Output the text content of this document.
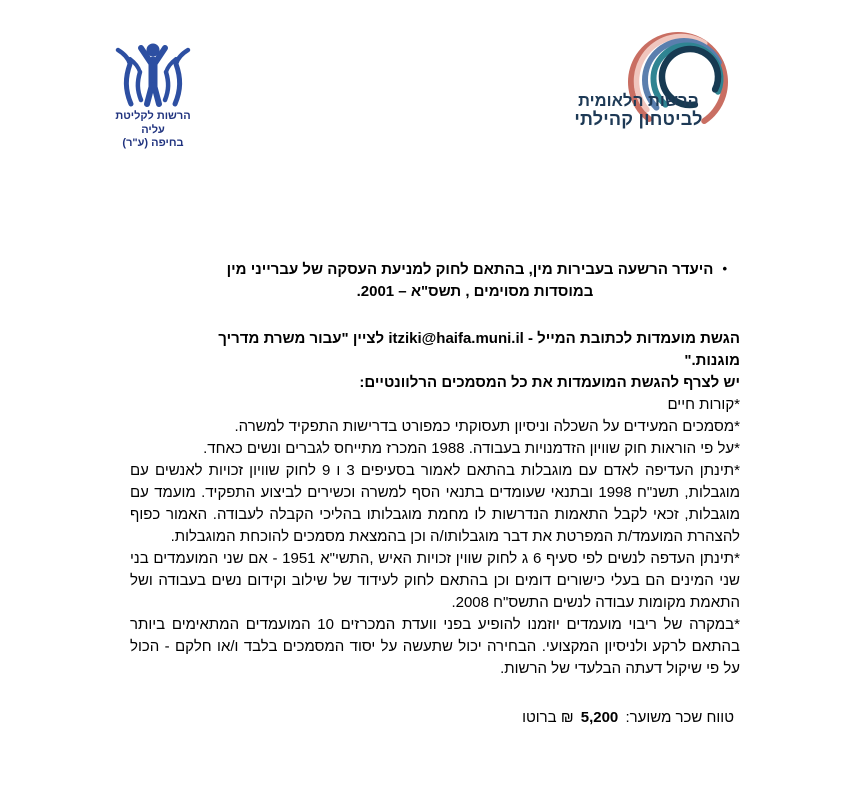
הרשות לקליטת עליה
בחיפה (ע"ר)
הרשות הלאומית
לביטחון קהילתי
•היעדר הרשעה בעבירות מין, בהתאם לחוק למניעת העסקה של עברייני מין
במוסדות מסוימים , תשס"א – 2001.
הגשת מועמדות לכתובת המייל - itziki@haifa.muni.il לציין "עבור משרת מדריך
מוגנות."
יש לצרף להגשת המועמדות את כל המסמכים הרלוונטיים:
*קורות חיים
*מסמכים המעידים על השכלה וניסיון תעסוקתי כמפורט בדרישות התפקיד למשרה.
*על פי הוראות חוק שוויון הזדמנויות בעבודה. 1988 המכרז מתייחס לגברים ונשים כאחד.
*תינתן העדיפה לאדם עם מוגבלות בהתאם לאמור בסעיפים 3 ו 9 לחוק שוויון זכויות לאנשים עם מוגבלות, תשנ"ח 1998 ובתנאי שעומדים בתנאי הסף למשרה וכשירים לביצוע התפקיד. מועמד עם מוגבלות, זכאי לקבל התאמות הנדרשות לו מחמת מוגבלותו בהליכי הקבלה לעבודה. האמור כפוף להצהרת המועמד/ת המפרטת את דבר מוגבלותו/ה וכן בהמצאת מסמכים להוכחת המוגבלות.
*תינתן העדפה לנשים לפי סעיף 6 ג לחוק שווין זכויות האיש ,התשי"א 1951 - אם שני המועמדים בני שני המינים הם בעלי כישורים דומים וכן בהתאם לחוק לעידוד של שילוב וקידום נשים בעבודה ושל התאמת מקומות עבודה לנשים התשס"ח 2008.
*במקרה של ריבוי מועמדים יוזמנו להופיע בפני וועדת המכרזים 10 המועמדים המתאימים ביותר בהתאם לרקע ולניסיון המקצועי. הבחירה יכול שתעשה על יסוד המסמכים בלבד ו/או חלקם - הכול על פי שיקול דעתה הבלעדי של הרשות.
טווח שכר משוער: 5,200 ₪ ברוטו
